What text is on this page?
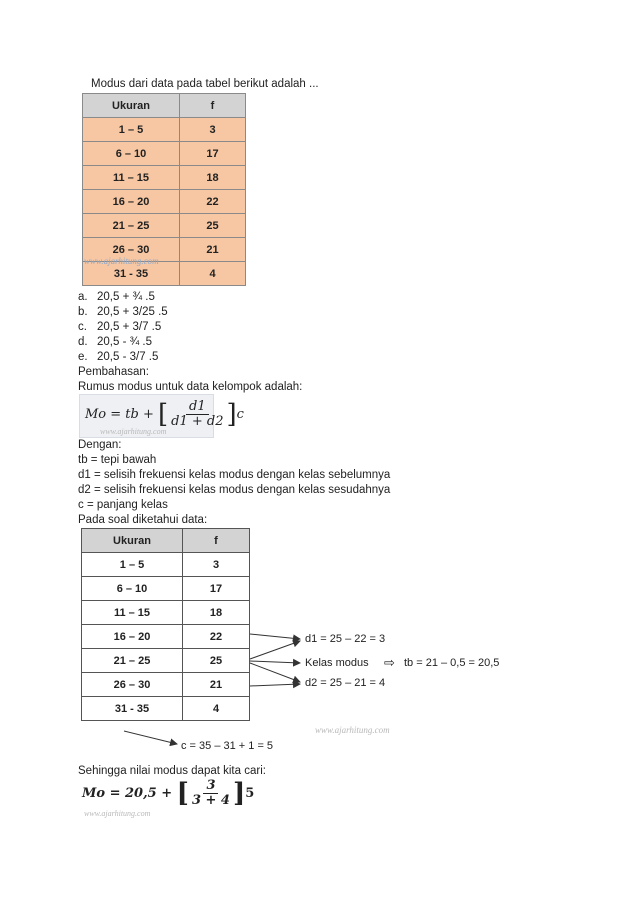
Modus dari data pada tabel berikut adalah ...
Ukuran	f
1 – 5	3
6 – 10	17
11 – 15	18
16 – 20	22
21 – 25	25
26 – 30	21
31 - 35	4
www.ajarhitung.com
a. 20,5 + ¾ .5
b. 20,5 + 3/25 .5
c. 20,5 + 3/7 .5
d. 20,5 - ¾ .5
e. 20,5 - 3/7 .5
Pembahasan:
Rumus modus untuk data kelompok adalah:
Mo = tb + [ $\frac{d1}{d1 + d2} ]c$
www.ajarhitung.com
Dengan:
tb = tepi bawah
d1 = selisih frekuensi kelas modus dengan kelas sebelumnya
d2 = selisih frekuensi kelas modus dengan kelas sesudahnya
c = panjang kelas
Pada soal diketahui data:
Ukuran	f
1 – 5	3
6 – 10	17
11 – 15	18
16 – 20	22
21 – 25	25
26 – 30	21
31 - 35	4
d1 = 25 – 22 = 3
Kelas modus ⇨ tb = 21 – 0,5 = 20,5
d2 = 25 – 21 = 4
www.ajarhitung.com
c = 35 – 31 + 1 = 5
Sehingga nilai modus dapat kita cari:
Mo = 20,5 + [ $\frac{3}{3 + 4} ]5$
www.ajarhitung.com
